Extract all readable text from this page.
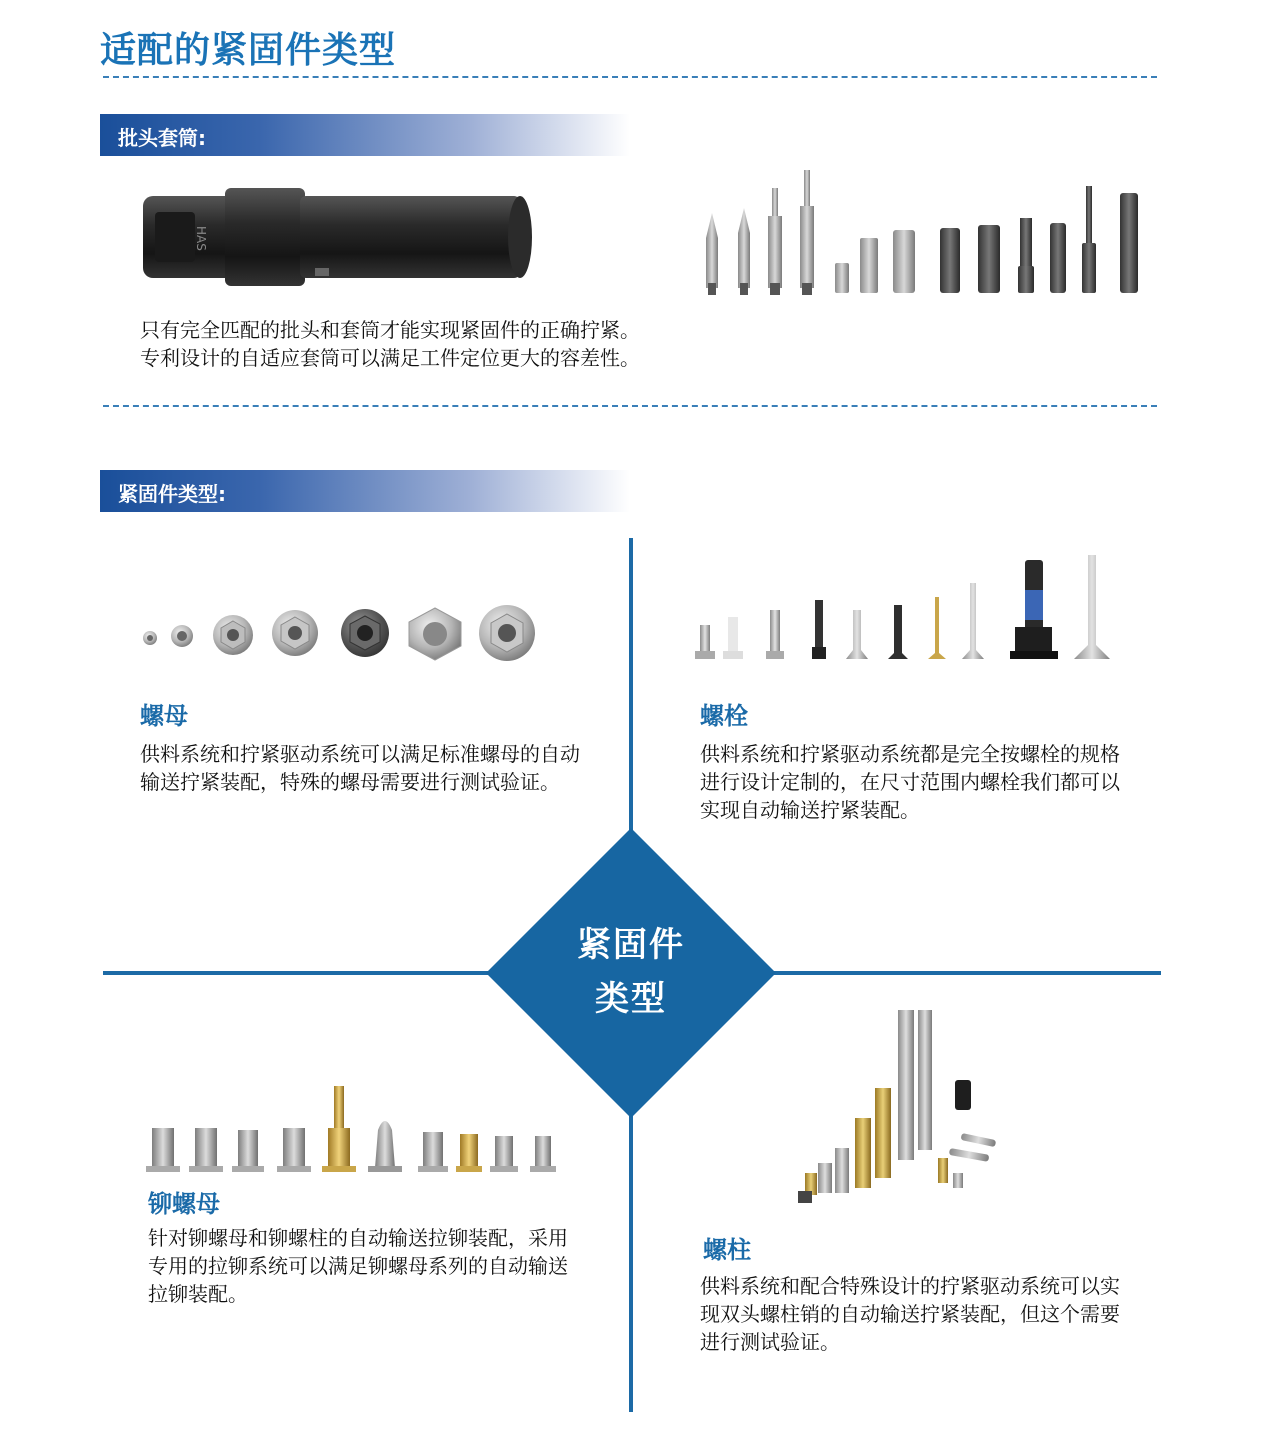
适配的紧固件类型
批头套筒:
HAS
只有完全匹配的批头和套筒才能实现紧固件的正确拧紧。
专利设计的自适应套筒可以满足工件定位更大的容差性。
紧固件类型:
紧固件
类型
螺母
供料系统和拧紧驱动系统可以满足标准螺母的自动
输送拧紧装配，特殊的螺母需要进行测试验证。
螺栓
供料系统和拧紧驱动系统都是完全按螺栓的规格
进行设计定制的，在尺寸范围内螺栓我们都可以
实现自动输送拧紧装配。
铆螺母
针对铆螺母和铆螺柱的自动输送拉铆装配，采用
专用的拉铆系统可以满足铆螺母系列的自动输送
拉铆装配。
螺柱
供料系统和配合特殊设计的拧紧驱动系统可以实
现双头螺柱销的自动输送拧紧装配，但这个需要
进行测试验证。
